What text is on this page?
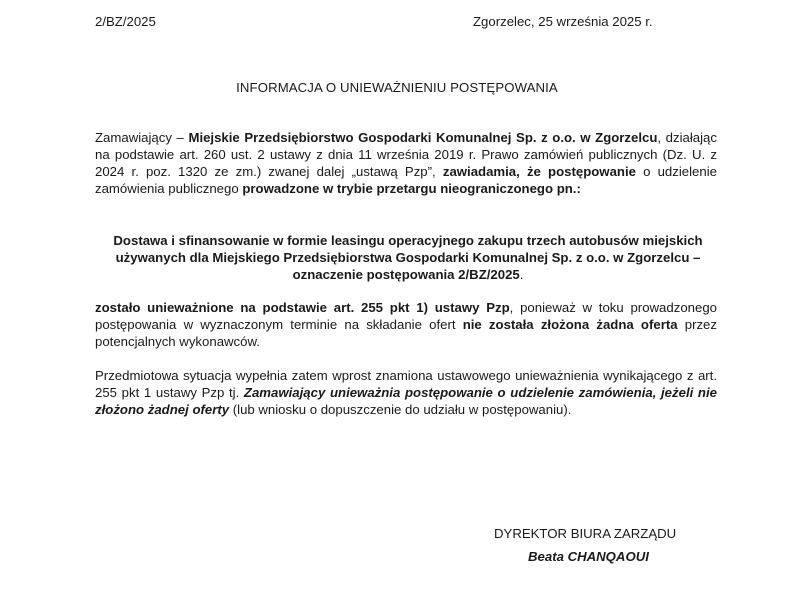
2/BZ/2025	Zgorzelec, 25 września 2025 r.
INFORMACJA O UNIEWAŻNIENIU POSTĘPOWANIA
Zamawiający – Miejskie Przedsiębiorstwo Gospodarki Komunalnej Sp. z o.o. w Zgorzelcu, działając na podstawie art. 260 ust. 2 ustawy z dnia 11 września 2019 r. Prawo zamówień publicznych (Dz. U. z 2024 r. poz. 1320 ze zm.) zwanej dalej „ustawą Pzp”, zawiadamia, że postępowanie o udzielenie zamówienia publicznego prowadzone w trybie przetargu nieograniczonego pn.:
Dostawa i sfinansowanie w formie leasingu operacyjnego zakupu trzech autobusów miejskich używanych dla Miejskiego Przedsiębiorstwa Gospodarki Komunalnej Sp. z o.o. w Zgorzelcu – oznaczenie postępowania 2/BZ/2025.
zostało unieważnione na podstawie art. 255 pkt 1) ustawy Pzp, ponieważ w toku prowadzonego postępowania w wyznaczonym terminie na składanie ofert nie została złożona żadna oferta przez potencjalnych wykonawców.
Przedmiotowa sytuacja wypełnia zatem wprost znamiona ustawowego unieważnienia wynikającego z art. 255 pkt 1 ustawy Pzp tj. Zamawiający unieważnia postępowanie o udzielenie zamówienia, jeżeli nie złożono żadnej oferty (lub wniosku o dopuszczenie do udziału w postępowaniu).
DYREKTOR BIURA ZARZĄDU
Beata CHANQAOUI
